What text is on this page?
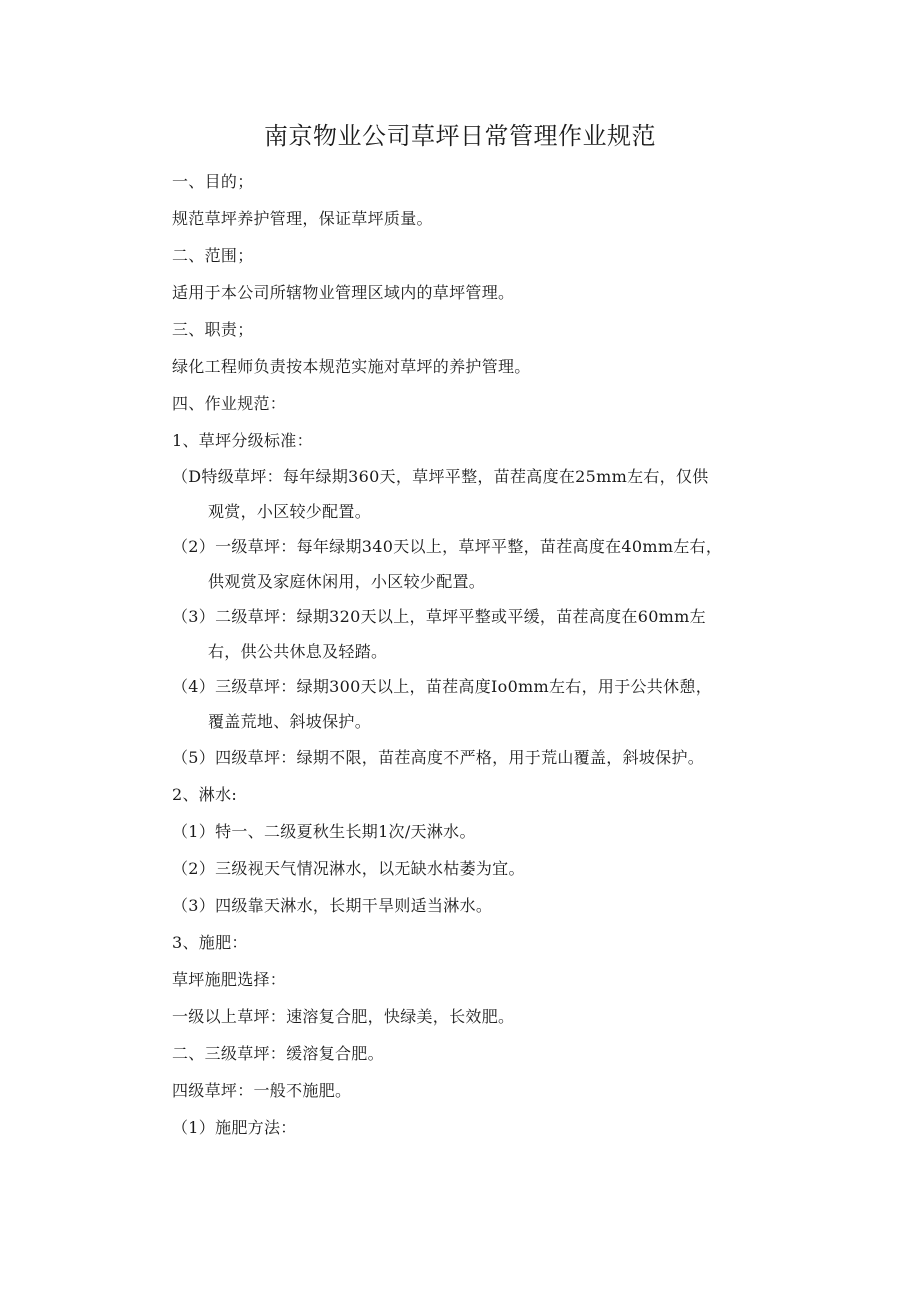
南京物业公司草坪日常管理作业规范
一、目的；
规范草坪养护管理，保证草坪质量。
二、范围；
适用于本公司所辖物业管理区域内的草坪管理。
三、职责；
绿化工程师负责按本规范实施对草坪的养护管理。
四、作业规范：
1、草坪分级标准：
（D特级草坪：每年绿期360天，草坪平整，苗茬高度在25mm左右，仅供
观赏，小区较少配置。
（2）一级草坪：每年绿期340天以上，草坪平整，苗茬高度在40mm左右，
供观赏及家庭休闲用，小区较少配置。
（3）二级草坪：绿期320天以上，草坪平整或平缓，苗茬高度在60mm左
右，供公共休息及轻踏。
（4）三级草坪：绿期300天以上，苗茬高度Io0mm左右，用于公共休憩，
覆盖荒地、斜坡保护。
（5）四级草坪：绿期不限，苗茬高度不严格，用于荒山覆盖，斜坡保护。
2、淋水:
（1）特一、二级夏秋生长期1次/天淋水。
（2）三级视天气情况淋水，以无缺水枯萎为宜。
（3）四级靠天淋水，长期干旱则适当淋水。
3、施肥：
草坪施肥选择：
一级以上草坪：速溶复合肥，快绿美，长效肥。
二、三级草坪：缓溶复合肥。
四级草坪：一般不施肥。
（1）施肥方法：
